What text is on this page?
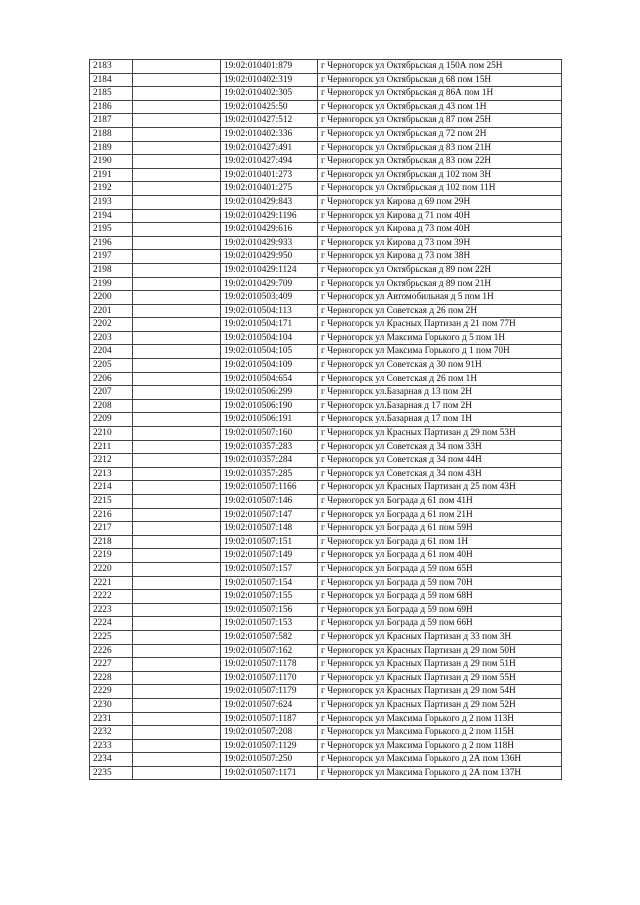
2183		19:02:010401:879	г Черногорск ул Октябрьская д 150А пом 25Н
2184		19:02:010402:319	г Черногорск ул Октябрьская д 68 пом 15Н
2185		19:02:010402:305	г Черногорск ул Октябрьская д 86А пом 1Н
2186		19:02:010425:50	г Черногорск ул Октябрьская д 43 пом 1Н
2187		19:02:010427:512	г Черногорск ул Октябрьская д 87 пом 25Н
2188		19:02:010402:336	г Черногорск ул Октябрьская д 72 пом 2Н
2189		19:02:010427:491	г Черногорск ул Октябрьская д 83 пом 21Н
2190		19:02:010427:494	г Черногорск ул Октябрьская д 83 пом 22Н
2191		19:02:010401:273	г Черногорск ул Октябрьская д 102 пом 3Н
2192		19:02:010401:275	г Черногорск ул Октябрьская д 102 пом 11Н
2193		19:02:010429:843	г Черногорск ул Кирова д 69 пом 29Н
2194		19:02:010429:1196	г Черногорск ул Кирова д 71 пом 40Н
2195		19:02:010429:616	г Черногорск ул Кирова д 73 пом 40Н
2196		19:02:010429:933	г Черногорск ул Кирова д 73 пом 39Н
2197		19:02:010429:950	г Черногорск ул Кирова д 73 пом 38Н
2198		19:02:010429:1124	г Черногорск ул Октябрьская д 89 пом 22Н
2199		19:02:010429:709	г Черногорск ул Октябрьская д 89 пом 21Н
2200		19:02:010503:409	г Черногорск ул Автомобильная д 5 пом 1Н
2201		19:02:010504:113	г Черногорск ул Советская д 26 пом 2Н
2202		19:02:010504:171	г Черногорск ул Красных Партизан д 21 пом 77Н
2203		19:02:010504:104	г Черногорск ул Максима Горького д 5 пом 1Н
2204		19:02:010504:105	г Черногорск ул Максима Горького д 1 пом 70Н
2205		19:02:010504:109	г Черногорск ул Советская д 30 пом 91Н
2206		19:02:010504:654	г Черногорск ул Советская д 26 пом 1Н
2207		19:02:010506:299	г Черногорск ул.Базарная д 13 пом 2Н
2208		19:02:010506:190	г Черногорск ул.Базарная д 17 пом 2Н
2209		19:02:010506:191	г Черногорск ул.Базарная д 17 пом 1Н
2210		19:02:010507:160	г Черногорск ул Красных Партизан д 29 пом 53Н
2211		19:02:010357:283	г Черногорск ул Советская д 34 пом 33Н
2212		19:02:010357:284	г Черногорск ул Советская д 34 пом 44Н
2213		19:02:010357:285	г Черногорск ул Советская д 34 пом 43Н
2214		19:02:010507:1166	г Черногорск ул Красных Партизан д 25 пом 43Н
2215		19:02:010507:146	г Черногорск ул Бограда д 61 пом 41Н
2216		19:02:010507:147	г Черногорск ул Бограда д 61 пом 21Н
2217		19:02:010507:148	г Черногорск ул Бограда д 61 пом 59Н
2218		19:02:010507:151	г Черногорск ул Бограда д 61 пом 1Н
2219		19:02:010507:149	г Черногорск ул Бограда д 61 пом 40Н
2220		19:02:010507:157	г Черногорск ул Бограда д 59 пом 65Н
2221		19:02:010507:154	г Черногорск ул Бограда д 59 пом 70Н
2222		19:02:010507:155	г Черногорск ул Бограда д 59 пом 68Н
2223		19:02:010507:156	г Черногорск ул Бограда д 59 пом 69Н
2224		19:02:010507:153	г Черногорск ул Бограда д 59 пом 66Н
2225		19:02:010507:582	г Черногорск ул Красных Партизан д 33 пом 3Н
2226		19:02:010507:162	г Черногорск ул Красных Партизан д 29 пом 50Н
2227		19:02:010507:1178	г Черногорск ул Красных Партизан д 29 пом 51Н
2228		19:02:010507:1170	г Черногорск ул Красных Партизан д 29 пом 55Н
2229		19:02:010507:1179	г Черногорск ул Красных Партизан д 29 пом 54Н
2230		19:02:010507:624	г Черногорск ул Красных Партизан д 29 пом 52Н
2231		19:02:010507:1187	г Черногорск ул Максима Горького д 2 пом 113Н
2232		19:02:010507:208	г Черногорск ул Максима Горького д 2 пом 115Н
2233		19:02:010507:1129	г Черногорск ул Максима Горького д 2 пом 118Н
2234		19:02:010507:250	г Черногорск ул Максима Горького д 2А пом 136Н
2235		19:02:010507:1171	г Черногорск ул Максима Горького д 2А пом 137Н
